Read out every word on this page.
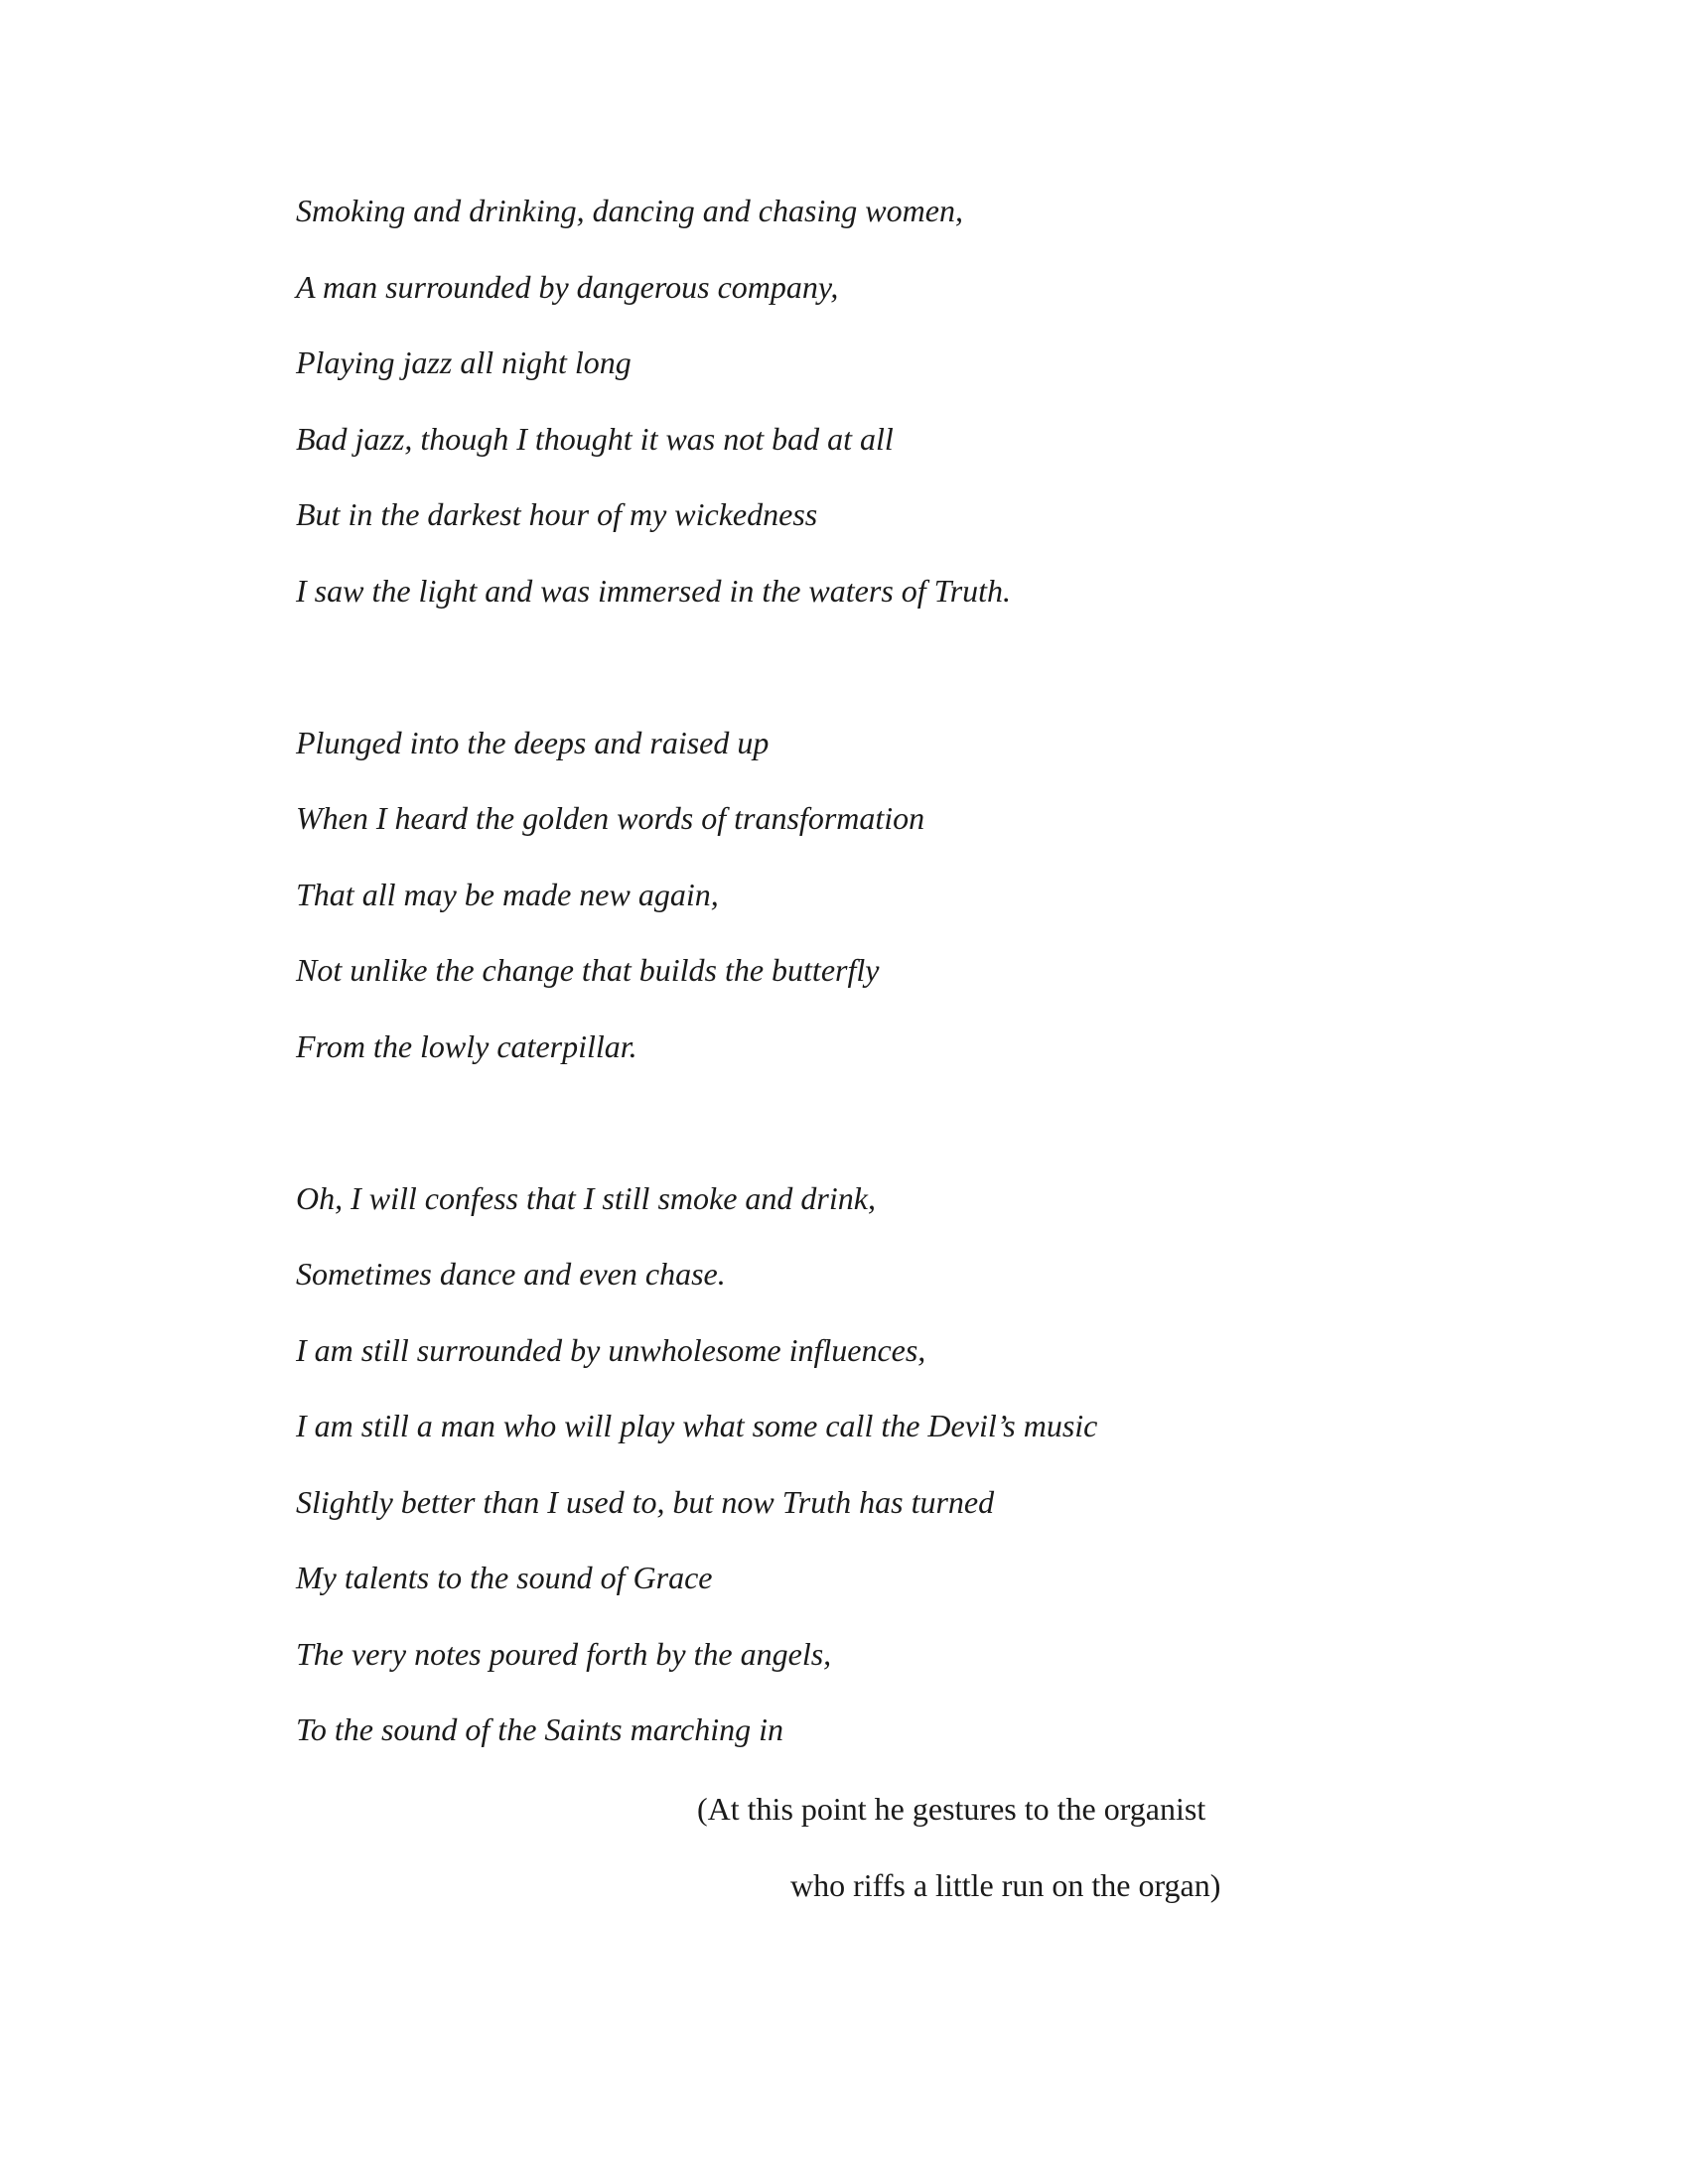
Smoking and drinking, dancing and chasing women,
A man surrounded by dangerous company,
Playing jazz all night long
Bad jazz, though I thought it was not bad at all
But in the darkest hour of my wickedness
I saw the light and was immersed in the waters of Truth.
Plunged into the deeps and raised up
When I heard the golden words of transformation
That all may be made new again,
Not unlike the change that builds the butterfly
From the lowly caterpillar.
Oh, I will confess that I still smoke and drink,
Sometimes dance and even chase.
I am still surrounded by unwholesome influences,
I am still a man who will play what some call the Devil’s music
Slightly better than I used to, but now Truth has turned
My talents to the sound of Grace
The very notes poured forth by the angels,
To the sound of the Saints marching in
(At this point he gestures to the organist
who riffs a little run on the organ)
